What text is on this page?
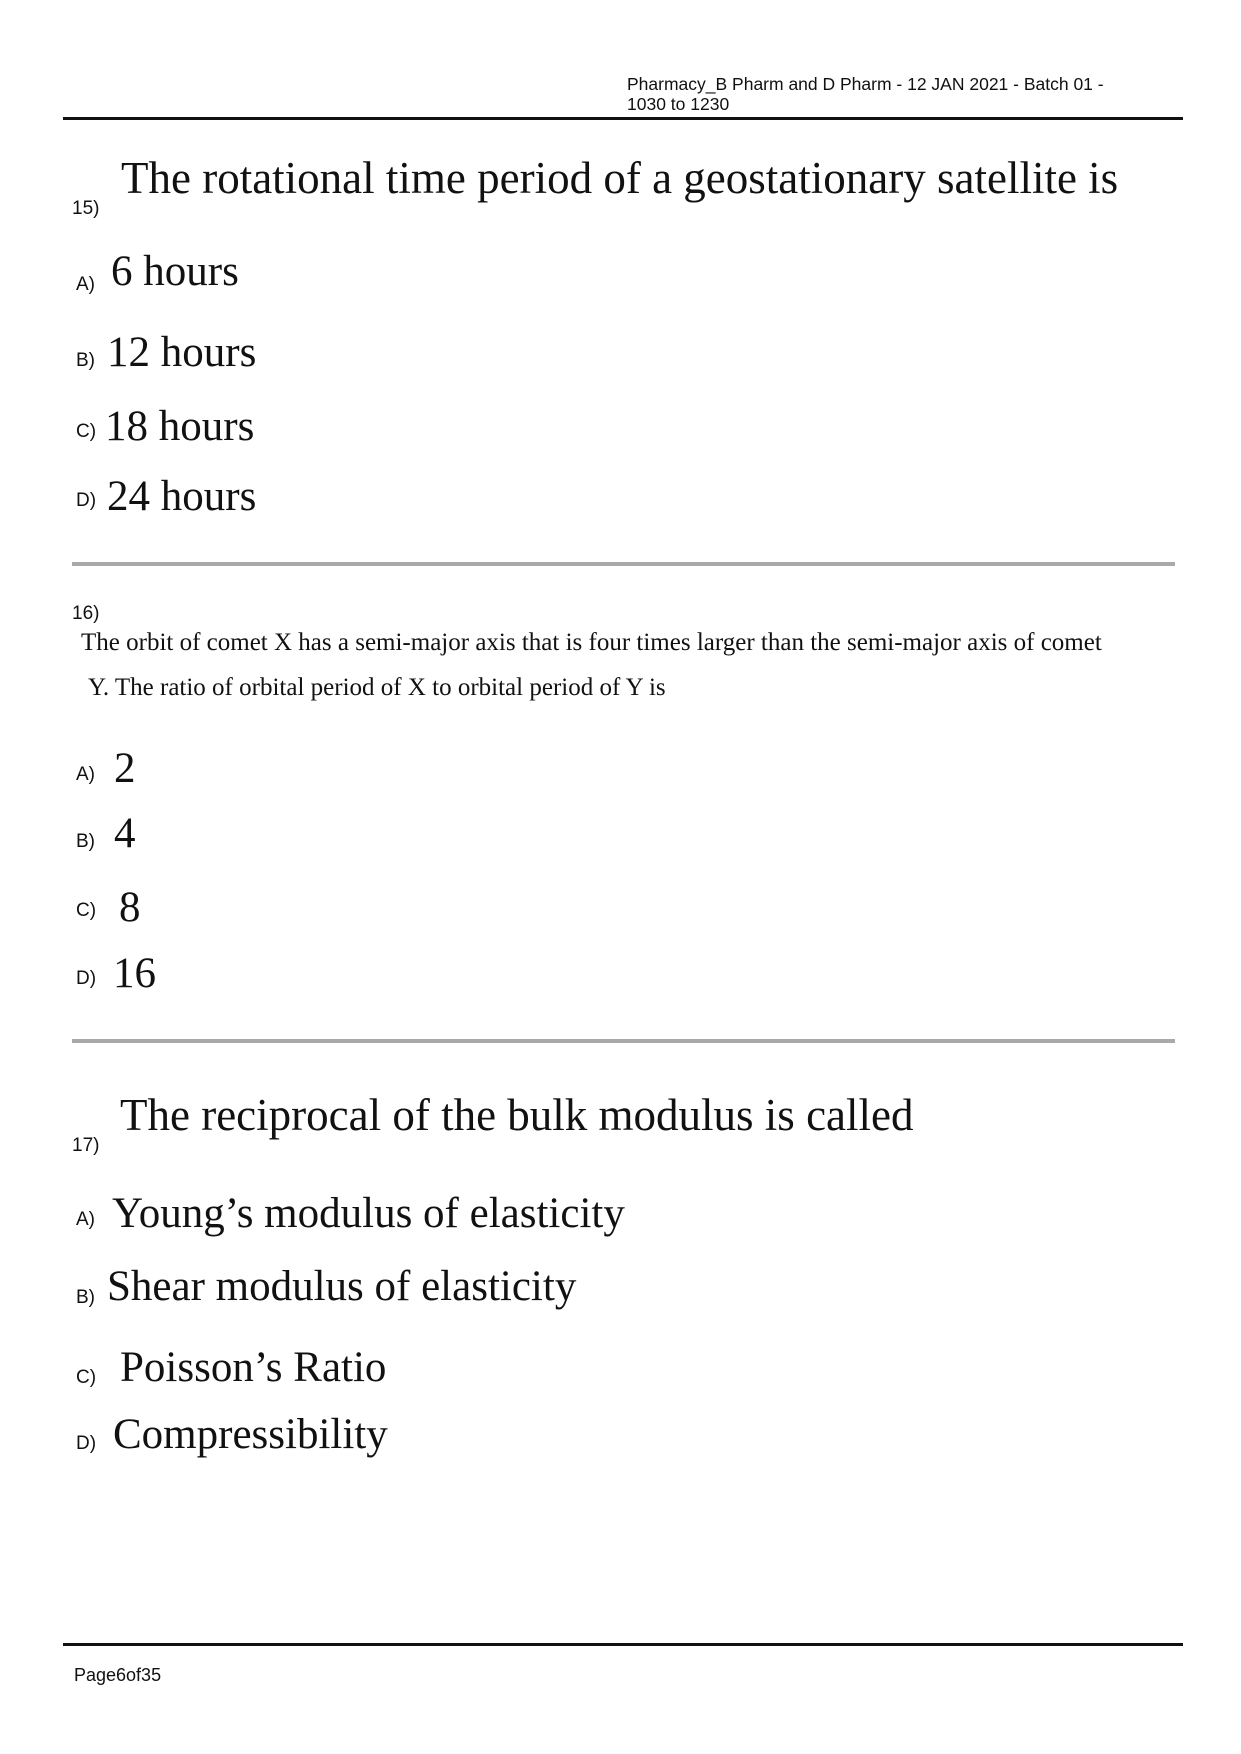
Pharmacy_B Pharm and D Pharm - 12 JAN 2021 - Batch 01 -
1030 to 1230
The rotational time period of a geostationary satellite is
15)
A) 6 hours
B) 12 hours
C) 18 hours
D) 24 hours
16)
The orbit of comet X has a semi-major axis that is four times larger than the semi-major axis of comet
Y. The ratio of orbital period of X to orbital period of Y is
A) 2
B) 4
C) 8
D) 16
The reciprocal of the bulk modulus is called
17)
A) Young’s modulus of elasticity
B) Shear modulus of elasticity
C) Poisson’s Ratio
D) Compressibility
Page6of35
